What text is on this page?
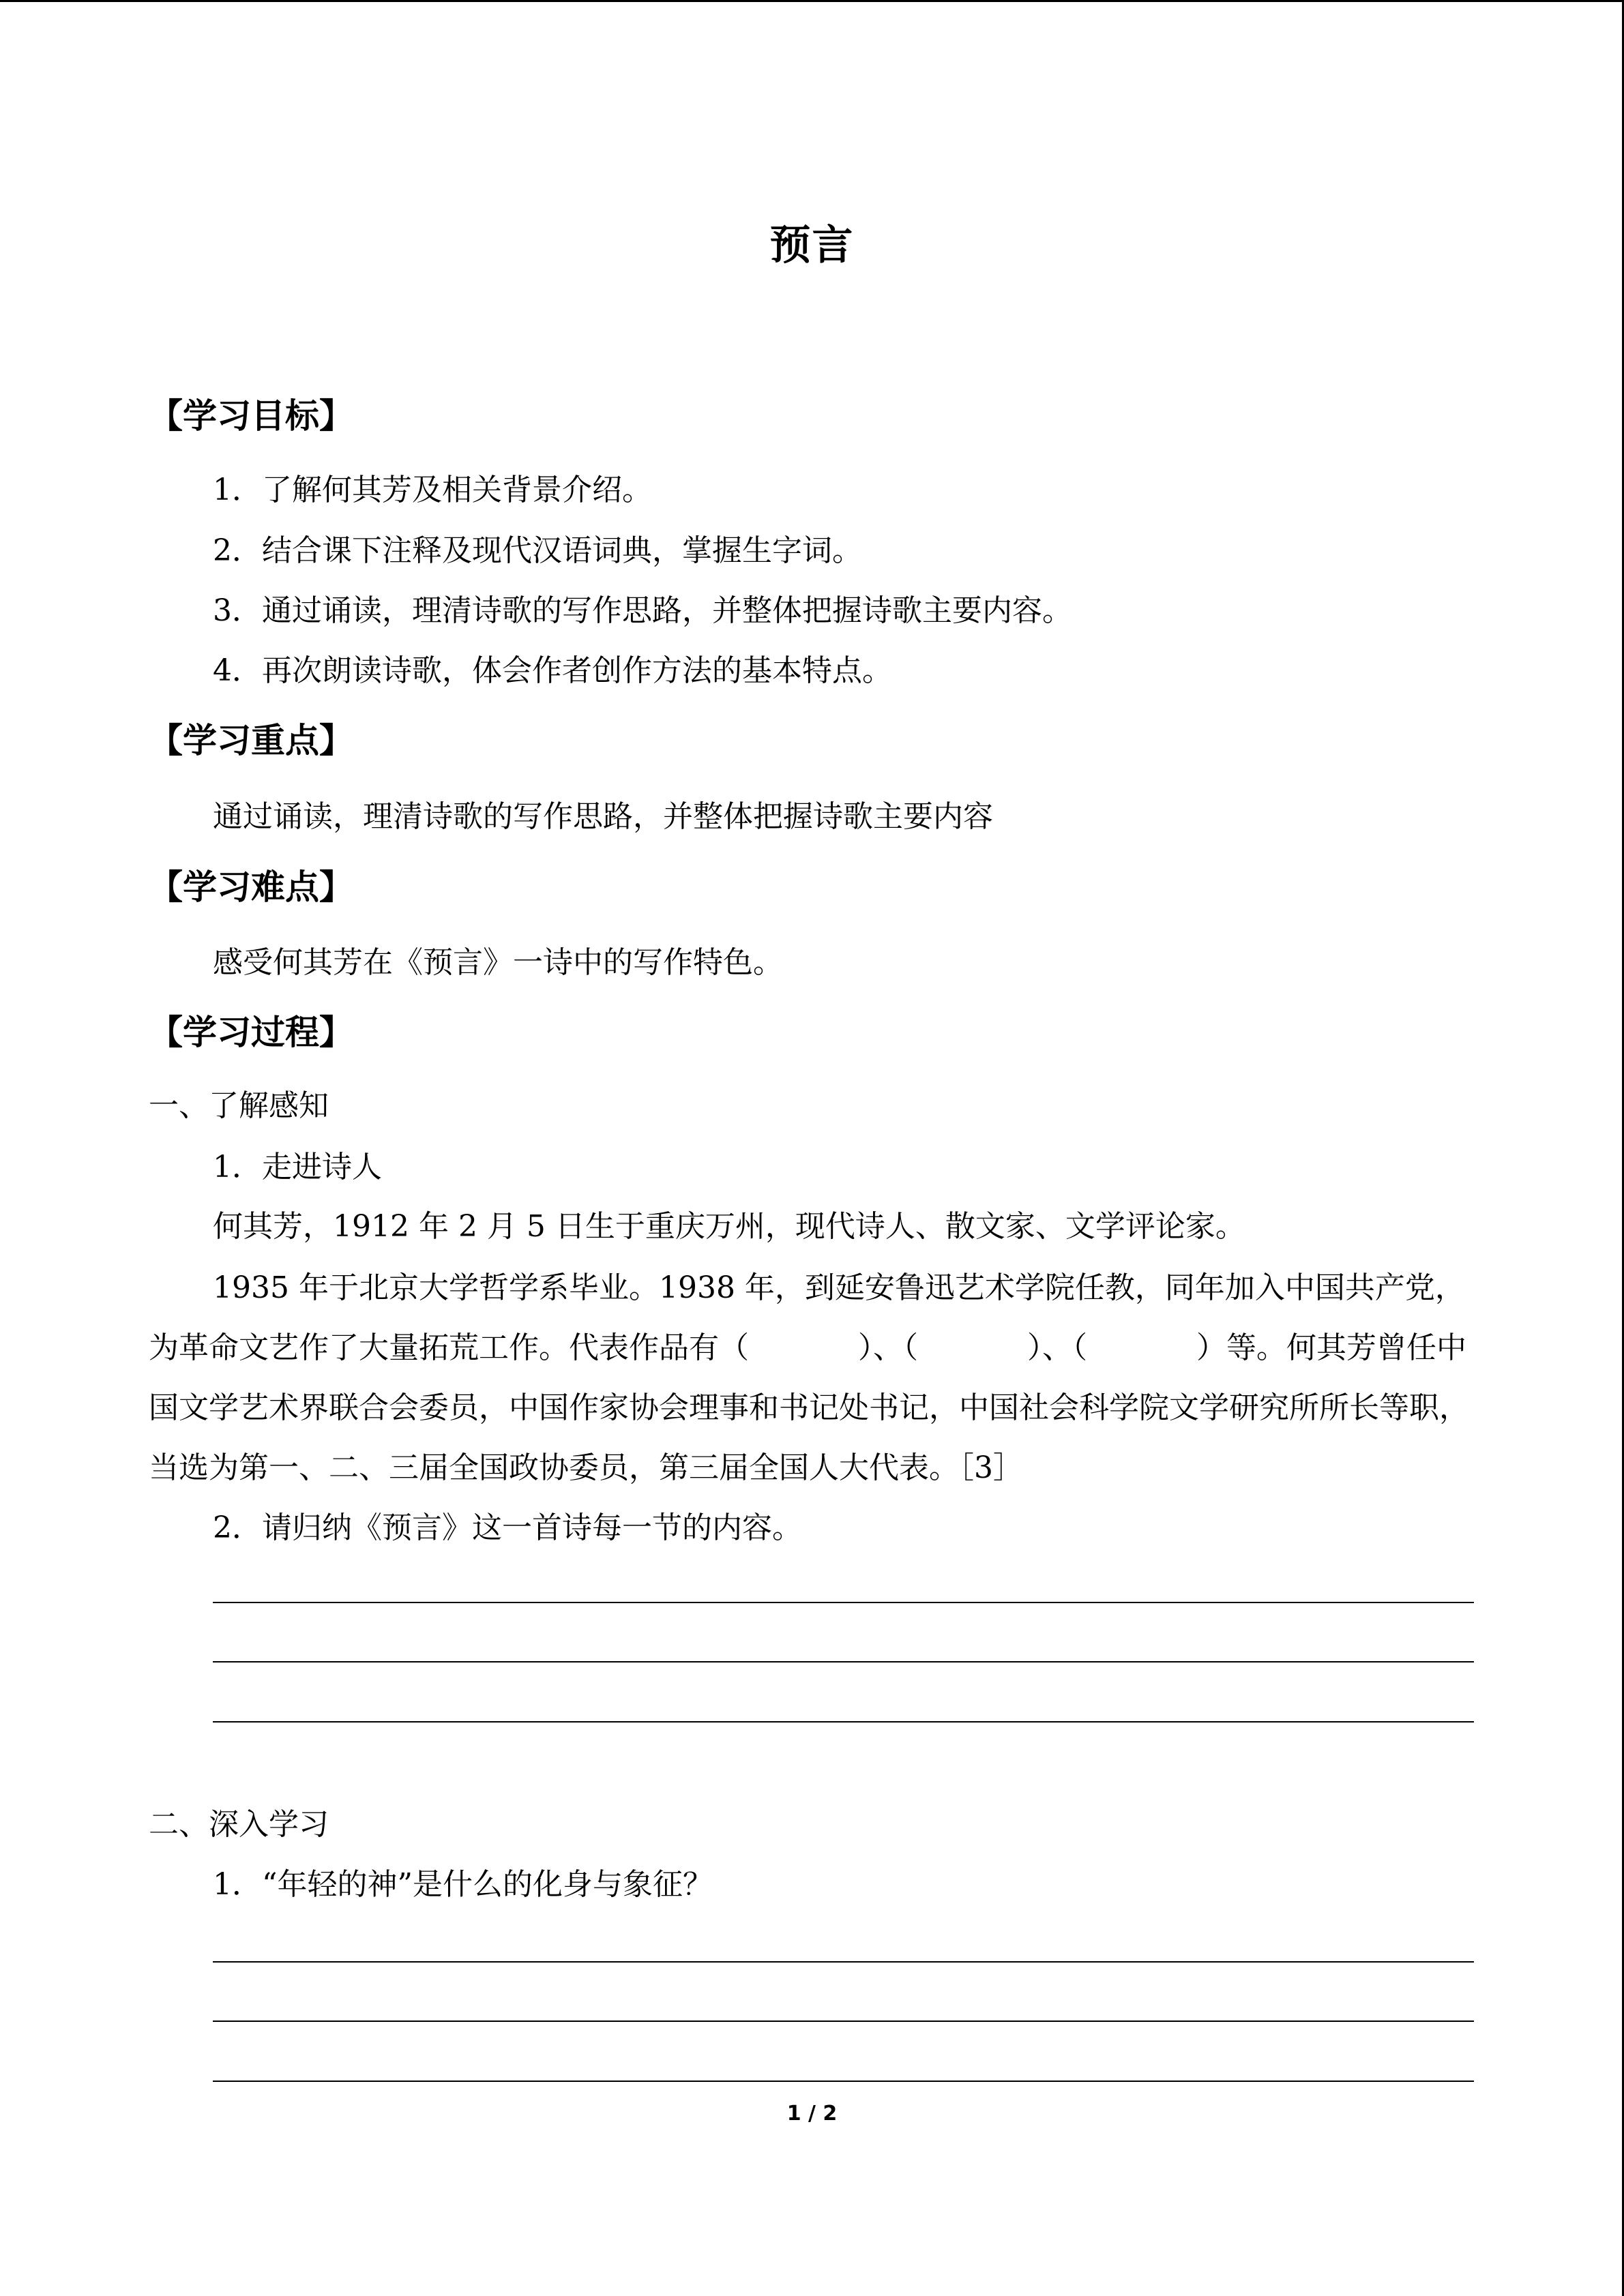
预言
【学习目标】
1．了解何其芳及相关背景介绍。
2．结合课下注释及现代汉语词典，掌握生字词。
3．通过诵读，理清诗歌的写作思路，并整体把握诗歌主要内容。
4．再次朗读诗歌，体会作者创作方法的基本特点。
【学习重点】
通过诵读，理清诗歌的写作思路，并整体把握诗歌主要内容
【学习难点】
感受何其芳在《预言》一诗中的写作特色。
【学习过程】
一、了解感知
1．走进诗人
何其芳，1912 年 2 月 5 日生于重庆万州，现代诗人、散文家、文学评论家。
1935 年于北京大学哲学系毕业。1938 年，到延安鲁迅艺术学院任教，同年加入中国共产党，为革命文艺作了大量拓荒工作。代表作品有（	）、（	）、（	）等。何其芳曾任中国文学艺术界联合会委员，中国作家协会理事和书记处书记，中国社会科学院文学研究所所长等职，当选为第一、二、三届全国政协委员，第三届全国人大代表。［3］
2．请归纳《预言》这一首诗每一节的内容。
二、深入学习
1．“年轻的神”是什么的化身与象征？
1 / 2
